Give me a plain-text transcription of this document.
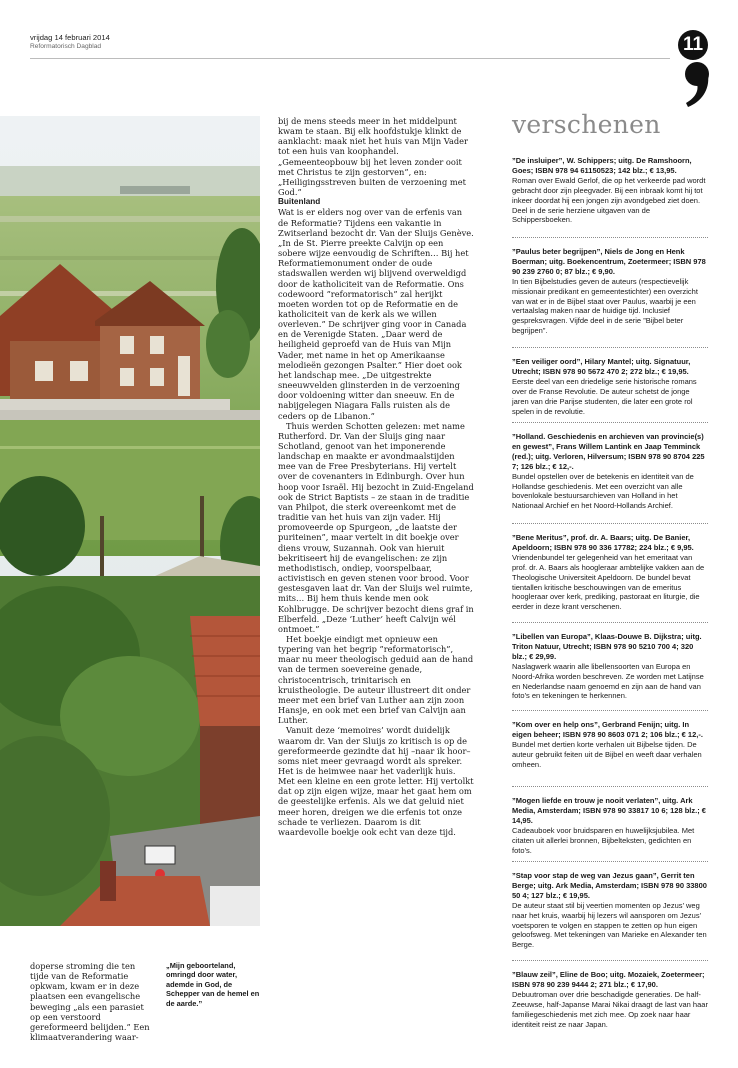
vrijdag 14 februari 2014
Reformatorisch Dagblad	11

doperse stroming die ten tijde van de Reformatie opkwam, kwam er in deze plaatsen een evangelische beweging „als een parasiet op een verstoord gereformeerd belijden.” Een klimaatverandering waar-

„Mijn geboorteland, omringd door water, ademde in God, de Schepper van de hemel en de aarde.”

bij de mens steeds meer in het middelpunt kwam te staan. Bij elk hoofdstukje klinkt de aanklacht: maak niet het huis van Mijn Vader tot een huis van koophandel. „Gemeenteopbouw bij het leven zonder ooit met Christus te zijn gestorven”, en: „Heiligingsstreven buiten de verzoening met God.”

Buitenland

Wat is er elders nog over van de erfenis van de Reformatie? Tijdens een vakantie in Zwitserland bezocht dr. Van der Sluijs Genève. „In de St. Pierre preekte Calvijn op een sobere wijze eenvoudig de Schriften… Bij het Reformatiemonument onder de oude stadswallen werden wij blijvend overweldigd door de katholiciteit van de Reformatie. Ons codewoord ”reformatorisch” zal herijkt moeten worden tot op de Reformatie en de katholiciteit van de kerk als we willen overleven.” De schrijver ging voor in Canada en de Verenigde Staten. „Daar werd de heiligheid geproefd van de Huis van Mijn Vader, met name in het op Amerikaanse melodieën gezongen Psalter.” Hier doet ook het landschap mee. „De uitgestrekte sneeuwvelden glinsterden in de verzoening door voldoening witter dan sneeuw. En de nabijgelegen Niagara Falls ruisten als de ceders op de Libanon.”

Thuis werden Schotten gelezen: met name Rutherford. Dr. Van der Sluijs ging naar Schotland, genoot van het imponerende landschap en maakte er avondmaalstijden mee van de Free Presbyterians. Hij vertelt over de covenanters in Edinburgh. Over hun hoop voor Israël. Hij bezocht in Zuid-Engeland ook de Strict Baptists – ze staan in de traditie van Philpot, die sterk overeenkomt met de traditie van het huis van zijn vader. Hij promoveerde op Spurgeon, „de laatste der puriteinen”, maar vertelt in dit boekje over diens vrouw, Suzannah. Ook van hieruit bekritiseert hij de evangelischen: ze zijn methodistisch, ondiep, voorspelbaar, activistisch en geven stenen voor brood. Voor gestesgaven laat dr. Van der Sluijs wel ruimte, mits… Bij hem thuis kende men ook Kohlbrugge. De schrijver bezocht diens graf in Elberfeld. „Deze ‘Luther’ heeft Calvijn wél ontmoet.”

Het boekje eindigt met opnieuw een typering van het begrip ”reformatorisch”, maar nu meer theologisch geduid aan de hand van de termen soevereine genade, christocentrisch, trinitarisch en kruistheologie. De auteur illustreert dit onder meer met een brief van Luther aan zijn zoon Hansje, en ook met een brief van Calvijn aan Luther.

Vanuit deze ‘memoires’ wordt duidelijk waarom dr. Van der Sluijs zo kritisch is op de gereformeerde gezindte dat hij –naar ik hoor– soms niet meer gevraagd wordt als spreker. Het is de heimwee naar het vaderlijk huis. Met een kleine en een grote letter. Hij vertolkt dat op zijn eigen wijze, maar het gaat hem om de geestelijke erfenis. Als we dat geluid niet meer horen, dreigen we die erfenis tot onze schade te verliezen. Daarom is dit waardevolle boekje ook echt van deze tijd.

verschenen
”De insluiper”, W. Schippers; uitg. De Ramshoorn, Goes; ISBN 978 94 61150523; 142 blz.; € 13,95.
Roman over Ewald Gerlof, die op het verkeerde pad wordt gebracht door zijn pleegvader. Bij een inbraak komt hij tot inkeer doordat hij een jongen zijn avondgebed ziet doen. Deel in de serie herziene uitgaven van de Schippersboeken.
”Paulus beter begrijpen”, Niels de Jong en Henk Boerman; uitg. Boekencentrum, Zoetermeer; ISBN 978 90 239 2760 0; 87 blz.; € 9,90.
In tien Bijbelstudies geven de auteurs (respectievelijk missionair predikant en gemeentestichter) een overzicht van wat er in de Bijbel staat over Paulus, waarbij je een vertaalslag maken naar de huidige tijd. Inclusief gespreksvragen. Vijfde deel in de serie ”Bijbel beter begrijpen”.
”Een veiliger oord”, Hilary Mantel; uitg. Signatuur, Utrecht; ISBN 978 90 5672 470 2; 272 blz.; € 19,95.
Eerste deel van een driedelige serie historische romans over de Franse Revolutie. De auteur schetst de jonge jaren van drie Parijse studenten, die later een grote rol spelen in de revolutie.
”Holland. Geschiedenis en archieven van provincie(s) en gewest”, Frans Willem Lantink en Jaap Temminck (red.); uitg. Verloren, Hilversum; ISBN 978 90 8704 225 7; 126 blz.; € 12,-.
Bundel opstellen over de betekenis en identiteit van de Hollandse geschiedenis. Met een overzicht van alle bovenlokale bestuursarchieven van Holland in het Nationaal Archief en het Noord-Hollands Archief.
”Bene Meritus”, prof. dr. A. Baars; uitg. De Banier, Apeldoorn; ISBN 978 90 336 17782; 224 blz.; € 9,95.
Vriendenbundel ter gelegenheid van het emeritaat van prof. dr. A. Baars als hoogleraar ambtelijke vakken aan de Theologische Universiteit Apeldoorn. De bundel bevat tientallen kritische beschouwingen van de emeritus hoogleraar over kerk, prediking, pastoraat en liturgie, die eerder in deze krant verschenen.
”Libellen van Europa”, Klaas-Douwe B. Dijkstra; uitg. Triton Natuur, Utrecht; ISBN 978 90 5210 700 4; 320 blz.; € 29,99.
Naslagwerk waarin alle libellensoorten van Europa en Noord-Afrika worden beschreven. Ze worden met Latijnse en Nederlandse naam genoemd en zijn aan de hand van foto’s en tekeningen te herkennen.
”Kom over en help ons”, Gerbrand Fenijn; uitg. In eigen beheer; ISBN 978 90 8603 071 2; 106 blz.; € 12,-.
Bundel met dertien korte verhalen uit Bijbelse tijden. De auteur gebruikt feiten uit de Bijbel en weeft daar verhalen omheen.
”Mogen liefde en trouw je nooit verlaten”, uitg. Ark Media, Amsterdam; ISBN 978 90 33817 10 6; 128 blz.; € 14,95.
Cadeauboek voor bruidsparen en huwelijksjubilea. Met citaten uit allerlei bronnen, Bijbelteksten, gedichten en foto’s.
”Stap voor stap de weg van Jezus gaan”, Gerrit ten Berge; uitg. Ark Media, Amsterdam; ISBN 978 90 33800 50 4; 127 blz.; € 19,95.
De auteur staat stil bij veertien momenten op Jezus’ weg naar het kruis, waarbij hij lezers wil aansporen om Jezus’ voetsporen te volgen en stappen te zetten op hun eigen geloofsweg. Met tekeningen van Marieke en Alexander ten Berge.
”Blauw zeil”, Eline de Boo; uitg. Mozaiek, Zoetermeer; ISBN 978 90 239 9444 2; 271 blz.; € 17,90.
Debuutroman over drie beschadigde generaties. De half-Zeeuwse, half-Japanse Marai Nikai draagt de last van haar familiegeschiedenis met zich mee. Op zoek naar haar identiteit reist ze naar Japan.
